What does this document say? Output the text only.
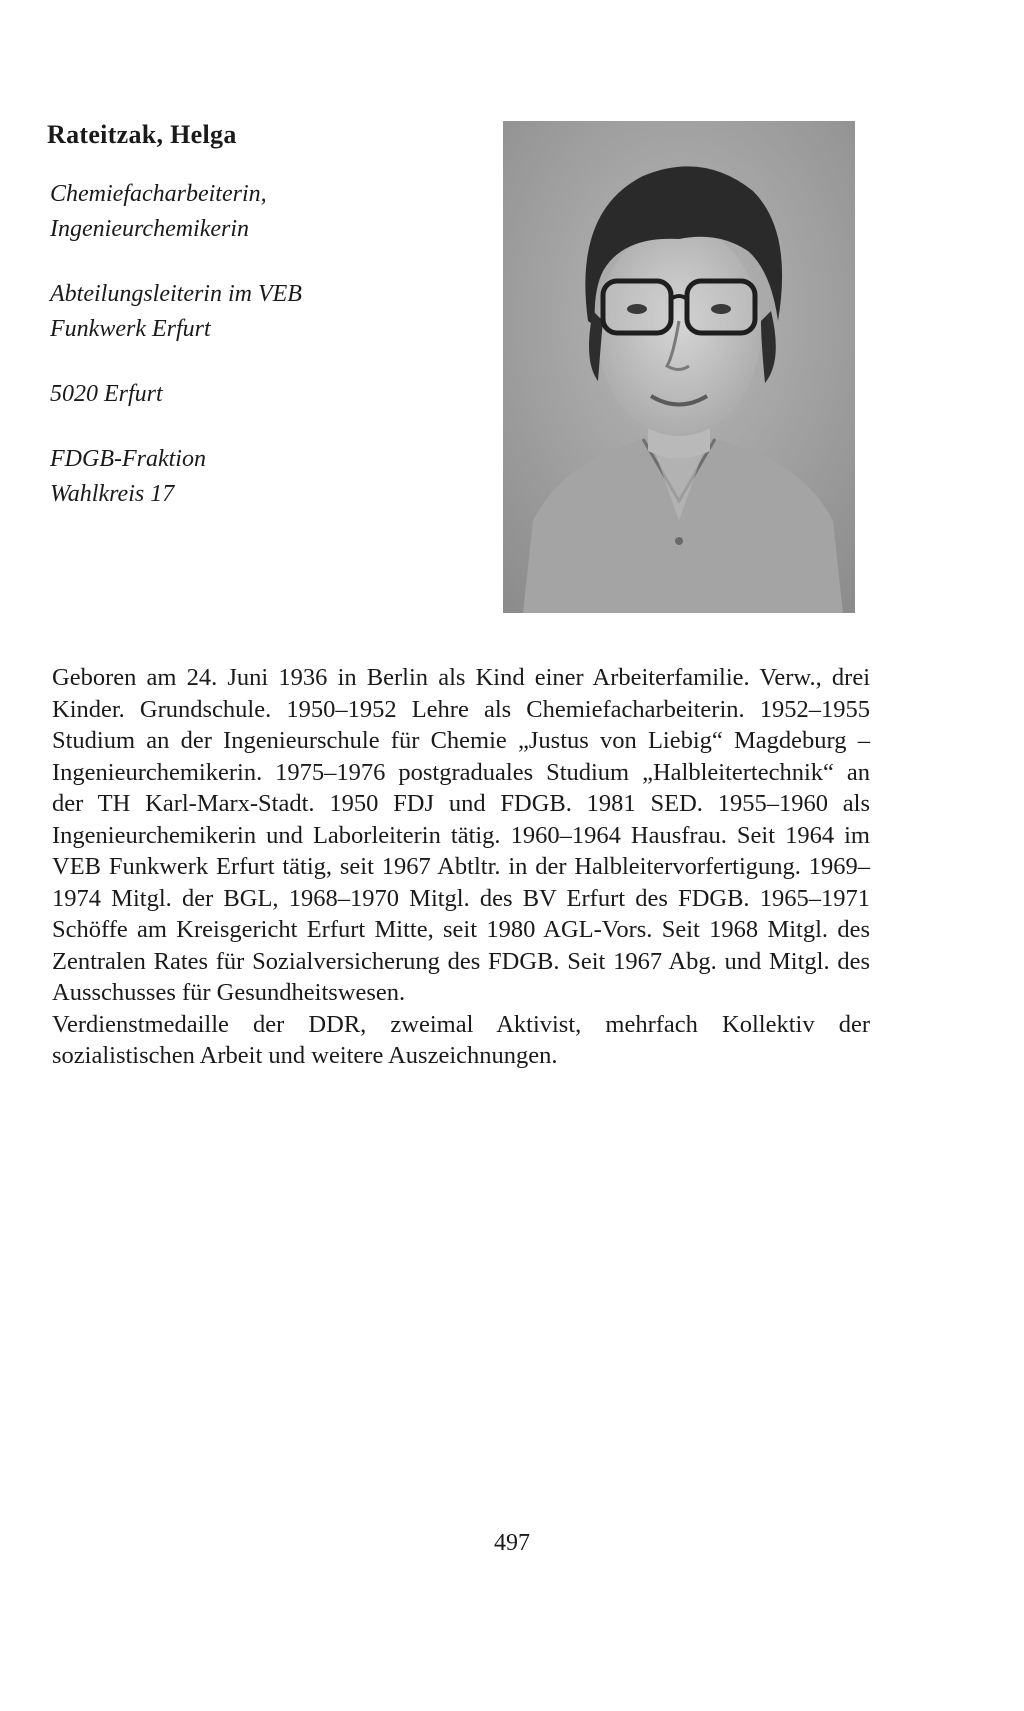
Rateitzak, Helga

Chemiefacharbeiterin,
Ingenieurchemikerin

Abteilungsleiterin im VEB
Funkwerk Erfurt

5020 Erfurt

FDGB-Fraktion
Wahlkreis 17

Geboren am 24. Juni 1936 in Berlin als Kind einer Arbeiterfamilie. Verw., drei Kinder. Grundschule. 1950–1952 Lehre als Chemiefacharbeiterin. 1952–1955 Studium an der Ingenieurschule für Chemie „Justus von Liebig“ Magdeburg – Ingenieurchemikerin. 1975–1976 postgraduales Studium „Halbleitertechnik“ an der TH Karl-Marx-Stadt. 1950 FDJ und FDGB. 1981 SED. 1955–1960 als Ingenieurchemikerin und Laborleiterin tätig. 1960–1964 Hausfrau. Seit 1964 im VEB Funkwerk Erfurt tätig, seit 1967 Abtltr. in der Halbleitervorfertigung. 1969–1974 Mitgl. der BGL, 1968–1970 Mitgl. des BV Erfurt des FDGB. 1965–1971 Schöffe am Kreisgericht Erfurt Mitte, seit 1980 AGL-Vors. Seit 1968 Mitgl. des Zentralen Rates für Sozialversicherung des FDGB. Seit 1967 Abg. und Mitgl. des Ausschusses für Gesundheitswesen.

Verdienstmedaille der DDR, zweimal Aktivist, mehrfach Kollektiv der sozialistischen Arbeit und weitere Auszeichnungen.

497
